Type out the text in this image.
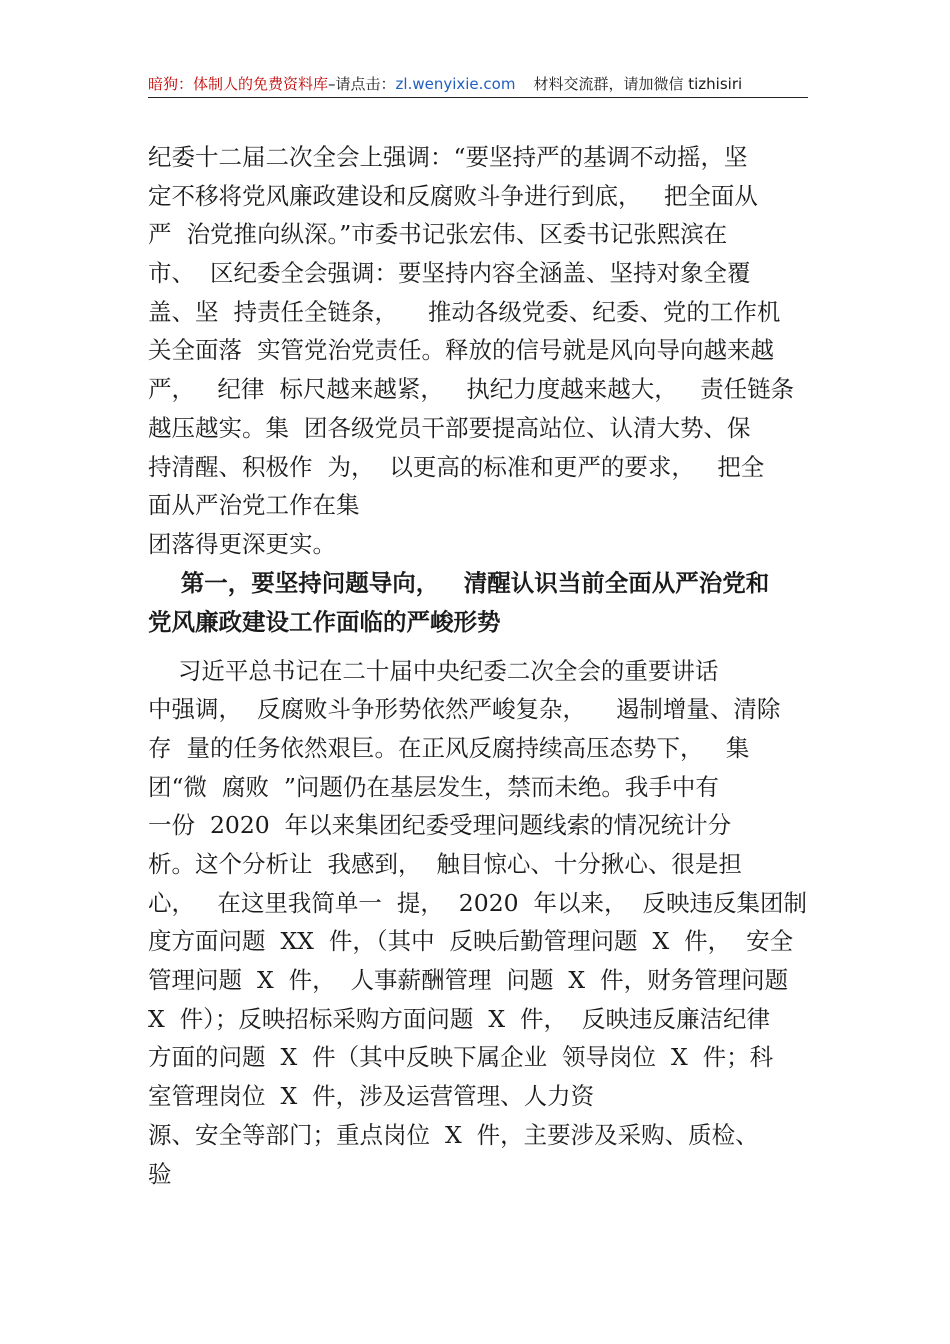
暗狗：体制人的免费资料库–请点击：zl.wenyixie.com 材料交流群，请加微信 tizhisiri
纪委十二届二次全会上强调：“要坚持严的基调不动摇，坚
定不移将党风廉政建设和反腐败斗争进行到底，   把全面从
严  治党推向纵深。”市委书记张宏伟、区委书记张熙滨在
市、  区纪委全会强调：要坚持内容全涵盖、坚持对象全覆
盖、坚  持责任全链条，    推动各级党委、纪委、党的工作机
关全面落  实管党治党责任。释放的信号就是风向导向越来越
严，   纪律  标尺越来越紧，   执纪力度越来越大，   责任链条
越压越实。集  团各级党员干部要提高站位、认清大势、保
持清醒、积极作  为，  以更高的标准和更严的要求，   把全
面从严治党工作在集
团落得更深更实。
第一，要坚持问题导向，   清醒认识当前全面从严治党和
党风廉政建设工作面临的严峻形势
习近平总书记在二十届中央纪委二次全会的重要讲话
中强调，  反腐败斗争形势依然严峻复杂，    遏制增量、清除
存  量的任务依然艰巨。在正风反腐持续高压态势下，   集
团“微  腐败  ”问题仍在基层发生，禁而未绝。我手中有
一份  2020  年以来集团纪委受理问题线索的情况统计分
析。这个分析让  我感到，  触目惊心、十分揪心、很是担
心，   在这里我简单一  提，  2020  年以来，  反映违反集团制
度方面问题  XX  件，（其中  反映后勤管理问题  X  件，  安全
管理问题  X  件，  人事薪酬管理  问题  X  件，财务管理问题
X  件）；反映招标采购方面问题  X  件，  反映违反廉洁纪律
方面的问题  X  件（其中反映下属企业  领导岗位  X  件；科
室管理岗位  X  件，涉及运营管理、人力资
源、安全等部门；重点岗位  X  件，主要涉及采购、质检、
验
